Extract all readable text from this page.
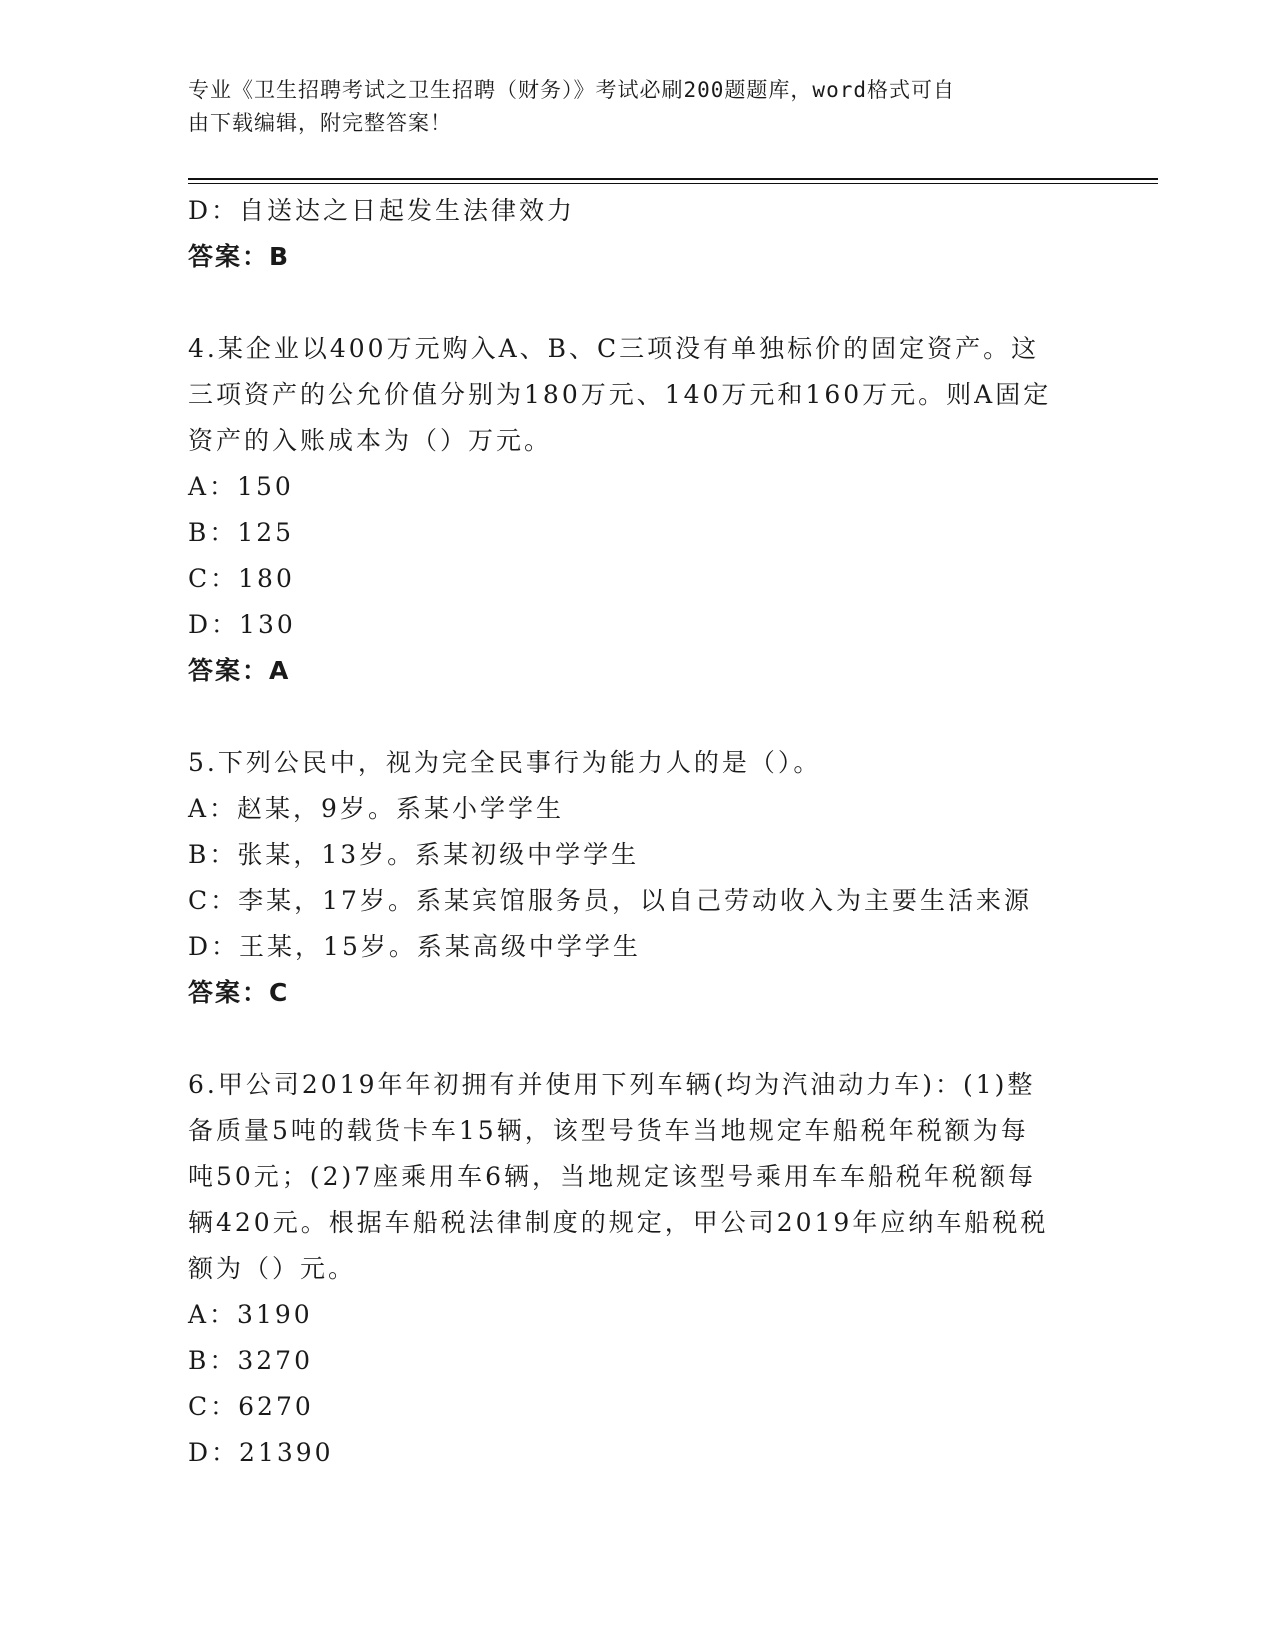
专业《卫生招聘考试之卫生招聘（财务）》考试必刷200题题库，word格式可自
由下载编辑，附完整答案！
D：自送达之日起发生法律效力
答案：B
4.某企业以400万元购入A、B、C三项没有单独标价的固定资产。这
三项资产的公允价值分别为180万元、140万元和160万元。则A固定
资产的入账成本为（）万元。
A：150
B：125
C：180
D：130
答案：A
5.下列公民中，视为完全民事行为能力人的是（）。
A：赵某，9岁。系某小学学生
B：张某，13岁。系某初级中学学生
C：李某，17岁。系某宾馆服务员，以自己劳动收入为主要生活来源
D：王某，15岁。系某高级中学学生
答案：C
6.甲公司2019年年初拥有并使用下列车辆(均为汽油动力车)：(1)整
备质量5吨的载货卡车15辆，该型号货车当地规定车船税年税额为每
吨50元；(2)7座乘用车6辆，当地规定该型号乘用车车船税年税额每
辆420元。根据车船税法律制度的规定，甲公司2019年应纳车船税税
额为（）元。
A：3190
B：3270
C：6270
D：21390
